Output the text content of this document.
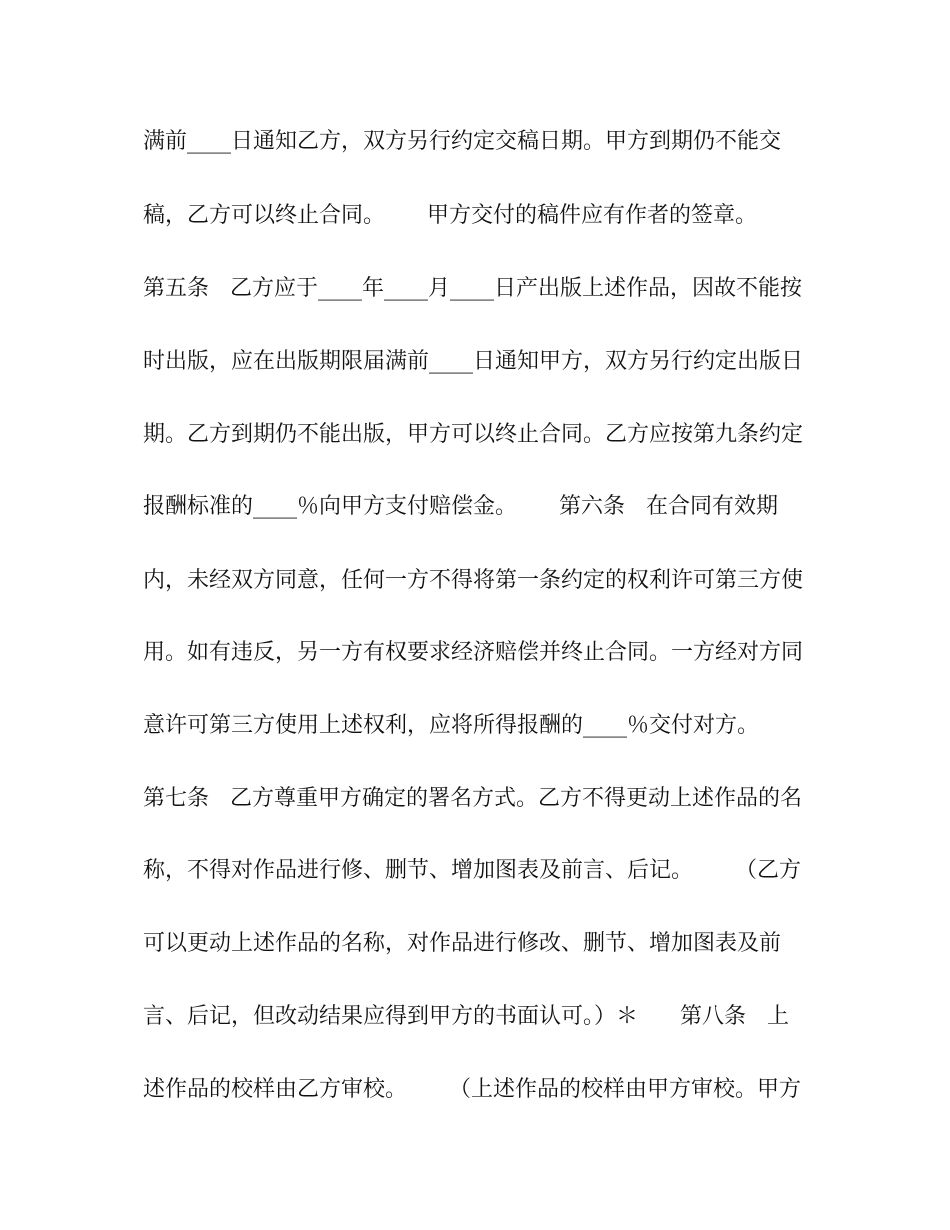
满前____日通知乙方，双方另行约定交稿日期。甲方到期仍不能交
稿，乙方可以终止合同。      甲方交付的稿件应有作者的签章。
第五条   乙方应于____年____月____日产出版上述作品，因故不能按
时出版，应在出版期限届满前____日通知甲方，双方另行约定出版日
期。乙方到期仍不能出版，甲方可以终止合同。乙方应按第九条约定
报酬标准的____％向甲方支付赔偿金。      第六条   在合同有效期
内，未经双方同意，任何一方不得将第一条约定的权利许可第三方使
用。如有违反，另一方有权要求经济赔偿并终止合同。一方经对方同
意许可第三方使用上述权利，应将所得报酬的____％交付对方。
第七条   乙方尊重甲方确定的署名方式。乙方不得更动上述作品的名
称，不得对作品进行修、删节、增加图表及前言、后记。      （乙方
可以更动上述作品的名称，对作品进行修改、删节、增加图表及前
言、后记，但改动结果应得到甲方的书面认可。）＊      第八条   上
述作品的校样由乙方审校。      （上述作品的校样由甲方审校。甲方
